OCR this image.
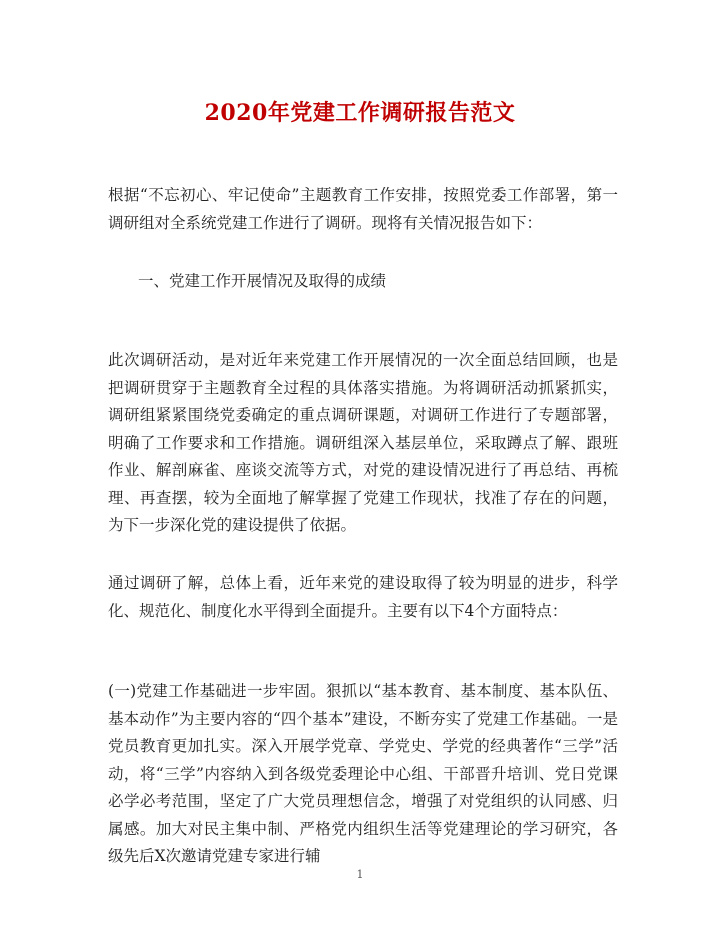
2020年党建工作调研报告范文

根据“不忘初心、牢记使命”主题教育工作安排，按照党委工作部署，第一调研组对全系统党建工作进行了调研。现将有关情况报告如下：

一、党建工作开展情况及取得的成绩

此次调研活动，是对近年来党建工作开展情况的一次全面总结回顾，也是把调研贯穿于主题教育全过程的具体落实措施。为将调研活动抓紧抓实，调研组紧紧围绕党委确定的重点调研课题，对调研工作进行了专题部署，明确了工作要求和工作措施。调研组深入基层单位，采取蹲点了解、跟班作业、解剖麻雀、座谈交流等方式，对党的建设情况进行了再总结、再梳理、再查摆，较为全面地了解掌握了党建工作现状，找准了存在的问题，为下一步深化党的建设提供了依据。

通过调研了解，总体上看，近年来党的建设取得了较为明显的进步，科学化、规范化、制度化水平得到全面提升。主要有以下4个方面特点：

(一)党建工作基础进一步牢固。狠抓以“基本教育、基本制度、基本队伍、基本动作”为主要内容的“四个基本”建设，不断夯实了党建工作基础。一是党员教育更加扎实。深入开展学党章、学党史、学党的经典著作“三学”活动，将“三学”内容纳入到各级党委理论中心组、干部晋升培训、党日党课必学必考范围，坚定了广大党员理想信念，增强了对党组织的认同感、归属感。加大对民主集中制、严格党内组织生活等党建理论的学习研究，各级先后X次邀请党建专家进行辅

1
